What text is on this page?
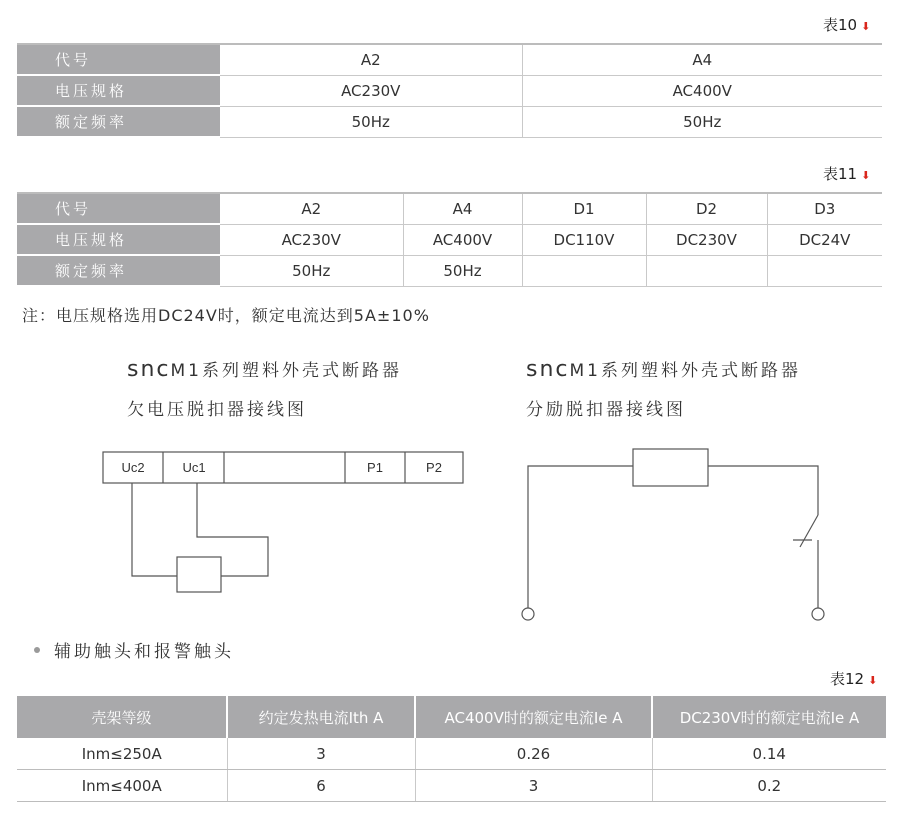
表10 ⬇
代号	A2	A4
电压规格	AC230V	AC400V
额定频率	50Hz	50Hz
表11 ⬇
代号	A2	A4	D1	D2	D3
电压规格	AC230V	AC400V	DC110V	DC230V	DC24V
额定频率	50Hz	50Hz			
注：电压规格选用DC24V时，额定电流达到5A±10%
sncM1系列塑料外壳式断路器
欠电压脱扣器接线图
sncM1系列塑料外壳式断路器
分励脱扣器接线图
Uc2	Uc1	P1	P2
辅助触头和报警触头
表12 ⬇
壳架等级	约定发热电流Ith A	AC400V时的额定电流Ie A	DC230V时的额定电流Ie A
Inm≤250A	3	0.26	0.14
Inm≤400A	6	3	0.2
